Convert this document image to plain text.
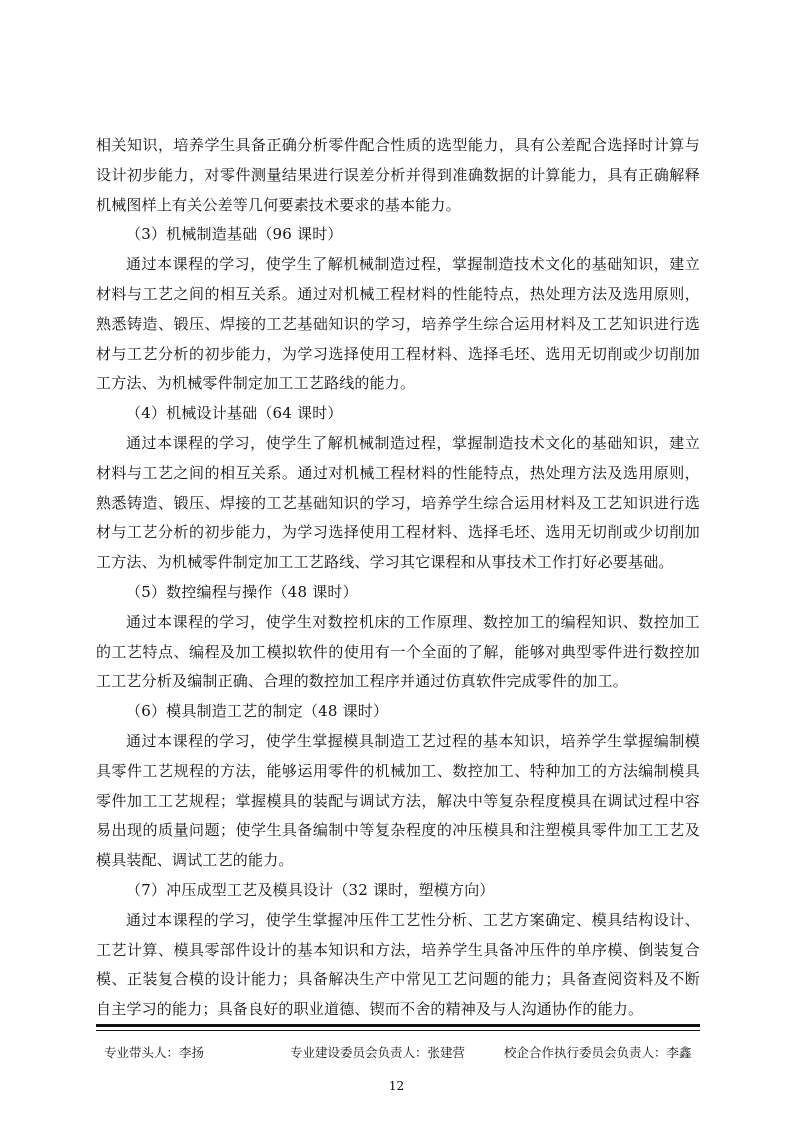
相关知识，培养学生具备正确分析零件配合性质的选型能力，具有公差配合选择时计算与设计初步能力，对零件测量结果进行误差分析并得到准确数据的计算能力，具有正确解释机械图样上有关公差等几何要素技术要求的基本能力。

（3）机械制造基础（96 课时）

通过本课程的学习，使学生了解机械制造过程，掌握制造技术文化的基础知识，建立材料与工艺之间的相互关系。通过对机械工程材料的性能特点，热处理方法及选用原则，熟悉铸造、锻压、焊接的工艺基础知识的学习，培养学生综合运用材料及工艺知识进行选材与工艺分析的初步能力，为学习选择使用工程材料、选择毛坯、选用无切削或少切削加工方法、为机械零件制定加工工艺路线的能力。

（4）机械设计基础（64 课时）

通过本课程的学习，使学生了解机械制造过程，掌握制造技术文化的基础知识，建立材料与工艺之间的相互关系。通过对机械工程材料的性能特点，热处理方法及选用原则，熟悉铸造、锻压、焊接的工艺基础知识的学习，培养学生综合运用材料及工艺知识进行选材与工艺分析的初步能力，为学习选择使用工程材料、选择毛坯、选用无切削或少切削加工方法、为机械零件制定加工工艺路线、学习其它课程和从事技术工作打好必要基础。

（5）数控编程与操作（48 课时）

通过本课程的学习，使学生对数控机床的工作原理、数控加工的编程知识、数控加工的工艺特点、编程及加工模拟软件的使用有一个全面的了解，能够对典型零件进行数控加工工艺分析及编制正确、合理的数控加工程序并通过仿真软件完成零件的加工。

（6）模具制造工艺的制定（48 课时）

通过本课程的学习，使学生掌握模具制造工艺过程的基本知识，培养学生掌握编制模具零件工艺规程的方法，能够运用零件的机械加工、数控加工、特种加工的方法编制模具零件加工工艺规程；掌握模具的装配与调试方法，解决中等复杂程度模具在调试过程中容易出现的质量问题；使学生具备编制中等复杂程度的冲压模具和注塑模具零件加工工艺及模具装配、调试工艺的能力。

（7）冲压成型工艺及模具设计（32 课时，塑模方向）

通过本课程的学习，使学生掌握冲压件工艺性分析、工艺方案确定、模具结构设计、工艺计算、模具零部件设计的基本知识和方法，培养学生具备冲压件的单序模、倒装复合模、正装复合模的设计能力；具备解决生产中常见工艺问题的能力；具备查阅资料及不断自主学习的能力；具备良好的职业道德、锲而不舍的精神及与人沟通协作的能力。

专业带头人：李扬	专业建设委员会负责人：张建营	校企合作执行委员会负责人：李鑫
12
